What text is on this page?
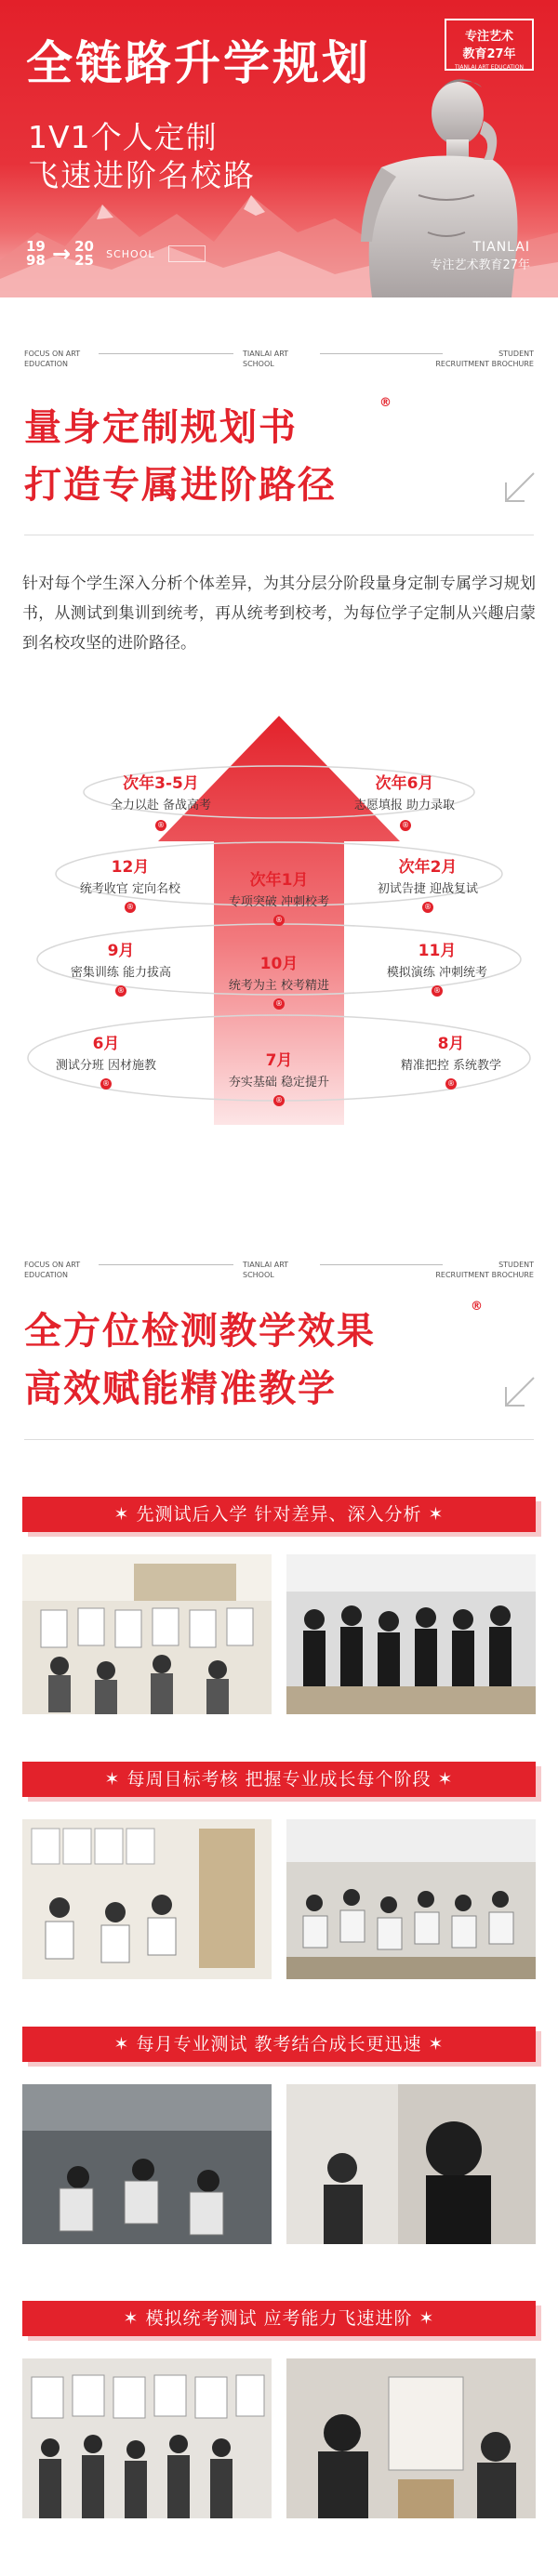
全链路升学规划
1V1个人定制
飞速进阶名校路
19
98 → 20
25 SCHOOL
专注艺术
教育27年
TIANLAI ART EDUCATION
TIANLAI
专注艺术教育27年
FOCUS ON ART
EDUCATION
TIANLAI ART
SCHOOL
STUDENT
RECRUITMENT BROCHURE
量身定制规划书
®
打造专属进阶路径
针对每个学生深入分析个体差异，为其分层分阶段量身定制专属学习规划书，从测试到集训到统考，再从统考到校考，为每位学子定制从兴趣启蒙到名校攻坚的进阶路径。
次年3-5月
全力以赴 备战高考
®
次年6月
志愿填报 助力录取
®
12月
统考收官 定向名校
®
次年1月
专项突破 冲刺校考
®
次年2月
初试告捷 迎战复试
®
9月
密集训练 能力拔高
®
10月
统考为主 校考精进
®
11月
模拟演练 冲刺统考
®
6月
测试分班 因材施教
®
7月
夯实基础 稳定提升
®
8月
精准把控 系统教学
®
FOCUS ON ART
EDUCATION
TIANLAI ART
SCHOOL
STUDENT
RECRUITMENT BROCHURE
全方位检测教学效果
®
高效赋能精准教学
✶ 先测试后入学 针对差异、深入分析 ✶
✶ 每周目标考核 把握专业成长每个阶段 ✶
✶ 每月专业测试 教考结合成长更迅速 ✶
✶ 模拟统考测试 应考能力飞速进阶 ✶
